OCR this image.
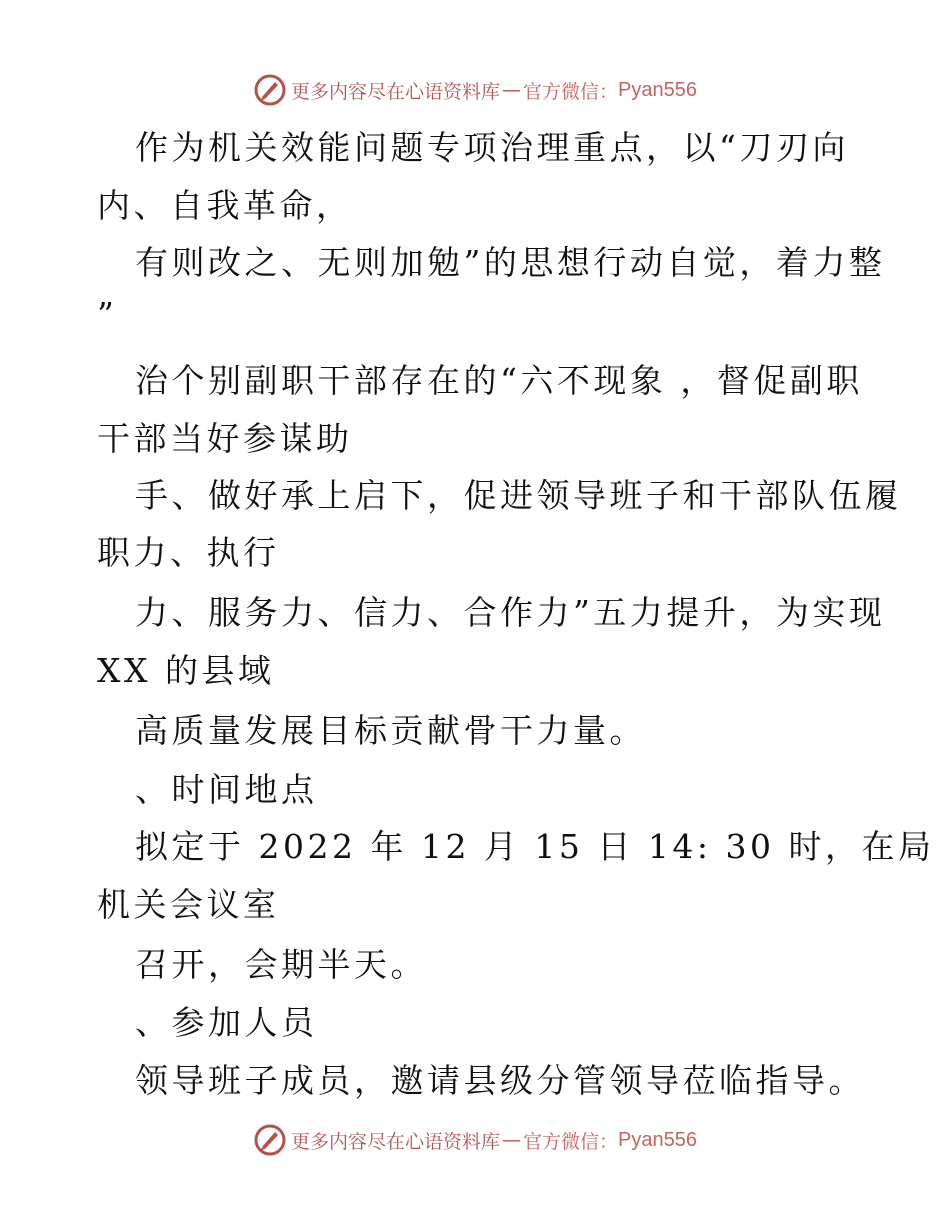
更多内容尽在心语资料库 — 官方微信： Pyan556
作为机关效能问题专项治理重点，以“刀刃向
内、自我革命，
有则改之、无则加勉”的思想行动自觉，着力整
”
治个别副职干部存在的“六不现象 ，督促副职
干部当好参谋助
手、做好承上启下，促进领导班子和干部队伍履
职力、执行
力、服务力、信力、合作力”五力提升，为实现
XX 的县域
高质量发展目标贡献骨干力量。
、时间地点
拟定于 2022 年 12 月 15 日 14: 30 时，在局
机关会议室
召开，会期半天。
、参加人员
领导班子成员，邀请县级分管领导莅临指导。
更多内容尽在心语资料库 — 官方微信： Pyan556
